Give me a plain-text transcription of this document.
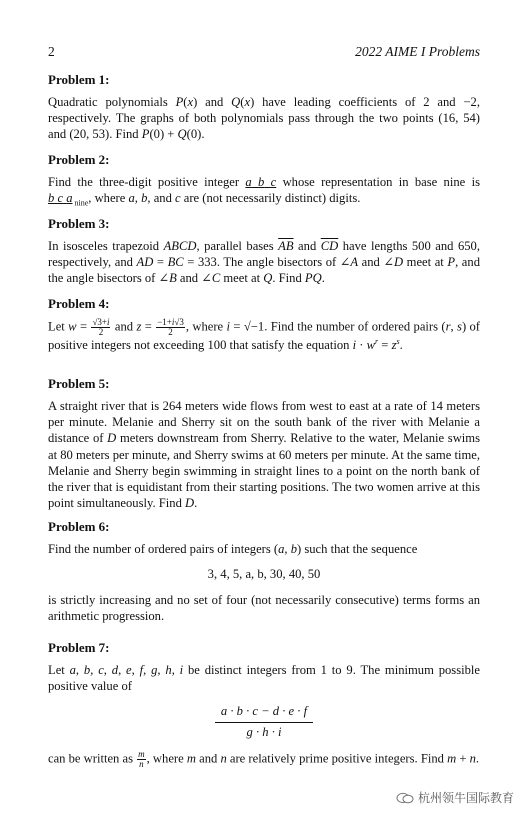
2	2022 AIME I Problems

Problem 1:

Quadratic polynomials P(x) and Q(x) have leading coefficients of 2 and −2, respectively. The graphs of both polynomials pass through the two points (16, 54) and (20, 53). Find P(0) + Q(0).

Problem 2:

Find the three-digit positive integer a b c whose representation in base nine is b c a $_{nine}$, where a, b, and c are (not necessarily distinct) digits.

Problem 3:

In isosceles trapezoid ABCD, parallel bases $\overline{AB}$ and $\overline{CD}$ have lengths 500 and 650, respectively, and AD = BC = 333. The angle bisectors of ∠A and ∠D meet at P, and the angle bisectors of ∠B and ∠C meet at Q. Find PQ.

Problem 4:

Let $w = \frac{√3+i}{2}$ and $z = \frac{-1+i√3}{2}$ , where i = √−1. Find the number of ordered pairs (r, s) of positive integers not exceeding 100 that satisfy the equation $i \cdot w^r = z^s$.

Problem 5:

A straight river that is 264 meters wide flows from west to east at a rate of 14 meters per minute. Melanie and Sherry sit on the south bank of the river with Melanie a distance of D meters downstream from Sherry. Relative to the water, Melanie swims at 80 meters per minute, and Sherry swims at 60 meters per minute. At the same time, Melanie and Sherry begin swimming in straight lines to a point on the north bank of the river that is equidistant from their starting positions. The two women arrive at this point simultaneously. Find D.

Problem 6:

Find the number of ordered pairs of integers (a, b) such that the sequence

3, 4, 5, a, b, 30, 40, 50

is strictly increasing and no set of four (not necessarily consecutive) terms forms an arithmetic progression.

Problem 7:

Let a, b, c, d, e, f, g, h, i be distinct integers from 1 to 9. The minimum possible positive value of

$\frac{a \cdot b \cdot c - d \cdot e \cdot f}{g \cdot h \cdot i}$

can be written as $\frac{m}{n}$ , where m and n are relatively prime positive integers. Find m + n.

杭州领牛国际教育
